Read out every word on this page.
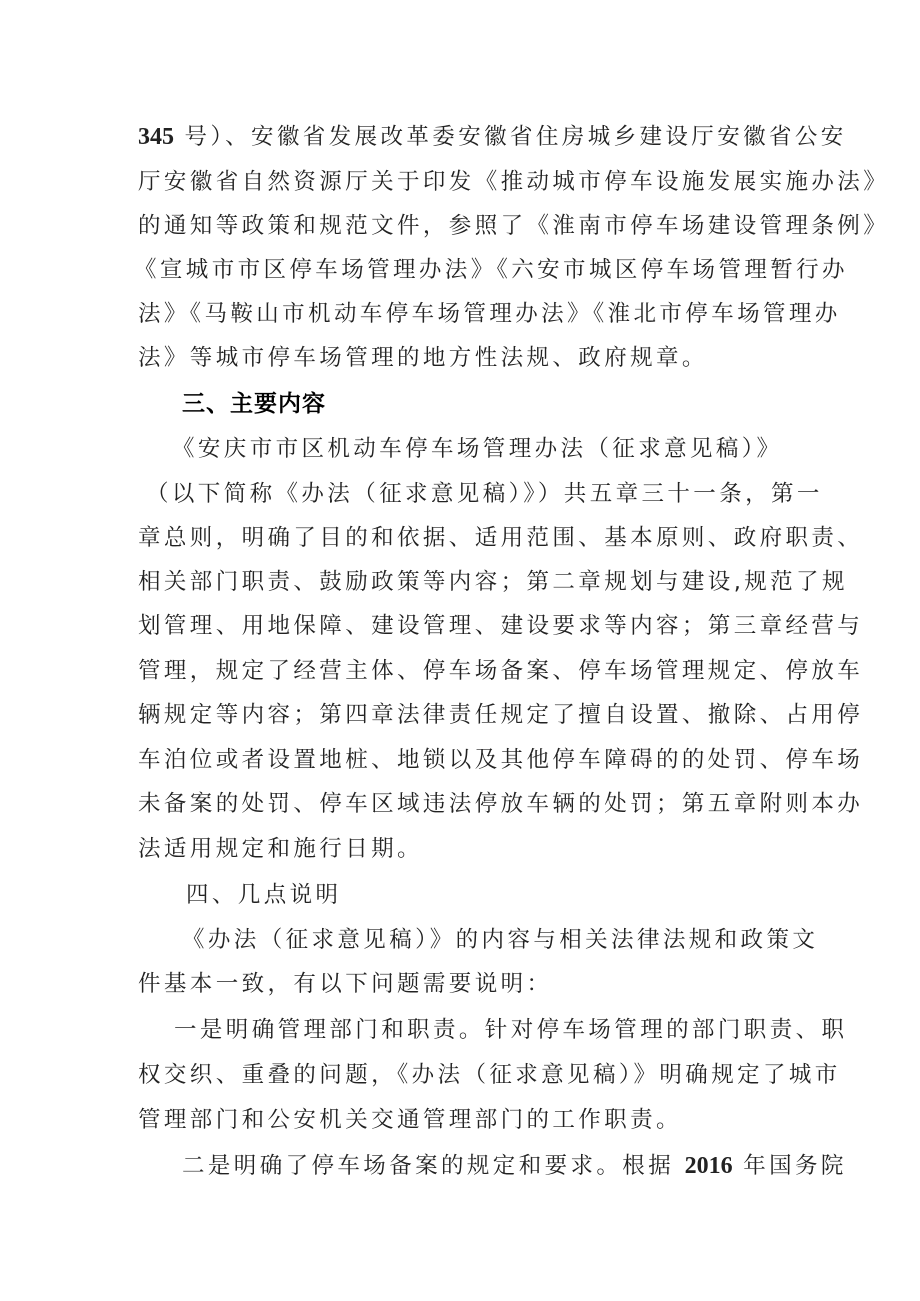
345 号）、安徽省发展改革委安徽省住房城乡建设厅安徽省公安
厅安徽省自然资源厅关于印发《推动城市停车设施发展实施办法》
的通知等政策和规范文件，参照了《淮南市停车场建设管理条例》
《宣城市市区停车场管理办法》《六安市城区停车场管理暂行办
法》《马鞍山市机动车停车场管理办法》《淮北市停车场管理办
法》等城市停车场管理的地方性法规、政府规章。
三、主要内容
《安庆市市区机动车停车场管理办法（征求意见稿）》
（以下简称《办法（征求意见稿）》）共五章三十一条，第一
章总则，明确了目的和依据、适用范围、基本原则、政府职责、
相关部门职责、鼓励政策等内容；第二章规划与建设,规范了规
划管理、用地保障、建设管理、建设要求等内容；第三章经营与
管理，规定了经营主体、停车场备案、停车场管理规定、停放车
辆规定等内容；第四章法律责任规定了擅自设置、撤除、占用停
车泊位或者设置地桩、地锁以及其他停车障碍的的处罚、停车场
未备案的处罚、停车区域违法停放车辆的处罚；第五章附则本办
法适用规定和施行日期。
四、几点说明
《办法（征求意见稿）》的内容与相关法律法规和政策文
件基本一致，有以下问题需要说明：
一是明确管理部门和职责。针对停车场管理的部门职责、职
权交织、重叠的问题，《办法（征求意见稿）》明确规定了城市
管理部门和公安机关交通管理部门的工作职责。
二是明确了停车场备案的规定和要求。根据 2016 年国务院
